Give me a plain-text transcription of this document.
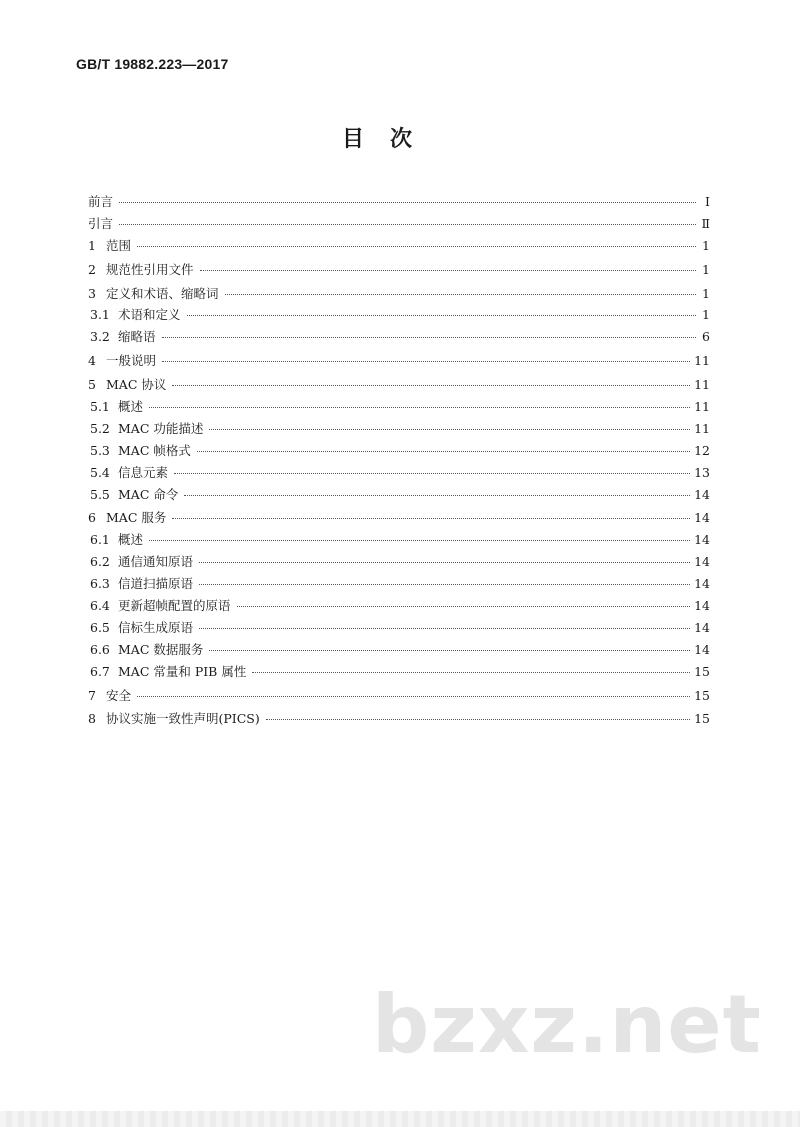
GB/T 19882.223—2017
目次
前言	Ⅰ
引言	Ⅱ
1 范围	1
2 规范性引用文件	1
3 定义和术语、缩略词	1
3.1 术语和定义	1
3.2 缩略语	6
4 一般说明	11
5 MAC 协议	11
5.1 概述	11
5.2 MAC 功能描述	11
5.3 MAC 帧格式	12
5.4 信息元素	13
5.5 MAC 命令	14
6 MAC 服务	14
6.1 概述	14
6.2 通信通知原语	14
6.3 信道扫描原语	14
6.4 更新超帧配置的原语	14
6.5 信标生成原语	14
6.6 MAC 数据服务	14
6.7 MAC 常量和 PIB 属性	15
7 安全	15
8 协议实施一致性声明(PICS)	15
bzxz.net
